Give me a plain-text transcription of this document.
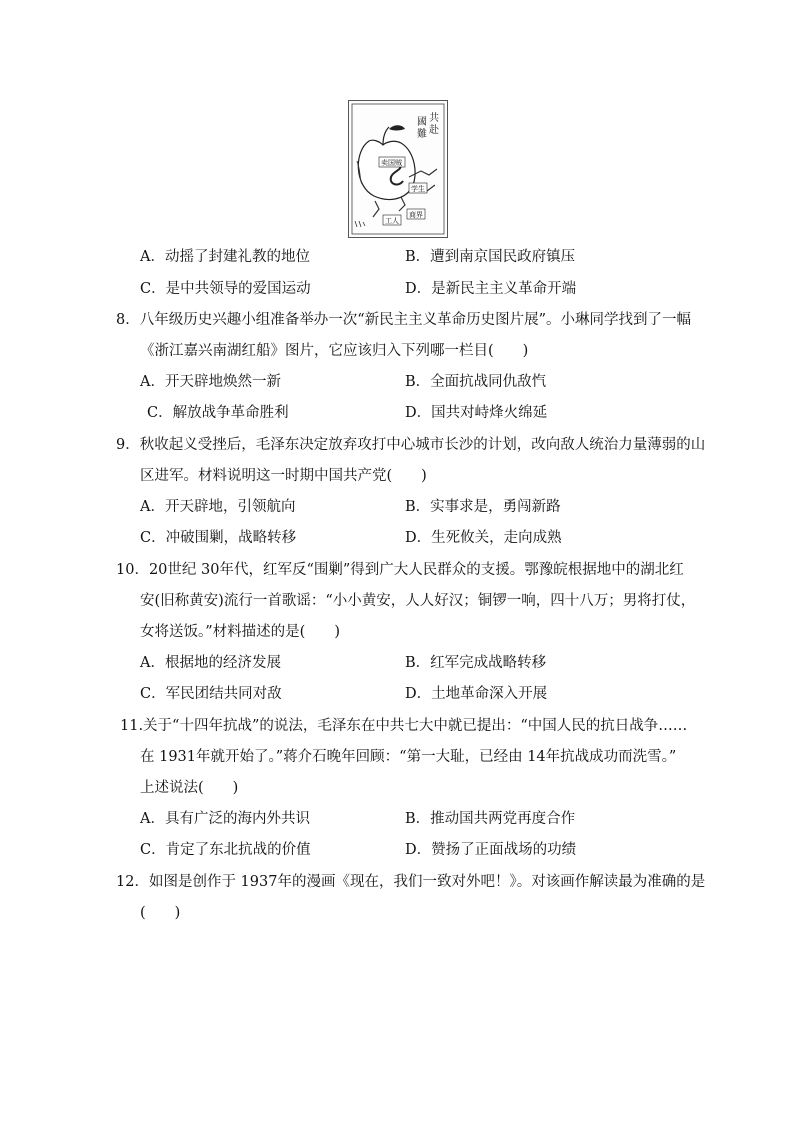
共
赴
國
難
卖国贼
学生
工人
商界
A．动摇了封建礼教的地位	B．遭到南京国民政府镇压
C．是中共领导的爱国运动	D．是新民主主义革命开端
8．八年级历史兴趣小组准备举办一次“新民主主义革命历史图片展”。小琳同学找到了一幅
《浙江嘉兴南湖红船》图片，它应该归入下列哪一栏目(　　)
A．开天辟地焕然一新	B．全面抗战同仇敌忾
C．解放战争革命胜利	D．国共对峙烽火绵延
9．秋收起义受挫后，毛泽东决定放弃攻打中心城市长沙的计划，改向敌人统治力量薄弱的山
区进军。材料说明这一时期中国共产党(　　)
A．开天辟地，引领航向	B．实事求是，勇闯新路
C．冲破围剿，战略转移	D．生死攸关，走向成熟
10．20世纪 30年代，红军反“围剿”得到广大人民群众的支援。鄂豫皖根据地中的湖北红
安(旧称黄安)流行一首歌谣：“小小黄安，人人好汉；铜锣一响，四十八万；男将打仗，
女将送饭。”材料描述的是(　　)
A．根据地的经济发展	B．红军完成战略转移
C．军民团结共同对敌	D．土地革命深入开展
11.关于“十四年抗战”的说法，毛泽东在中共七大中就已提出：“中国人民的抗日战争……
在 1931年就开始了。”蒋介石晚年回顾：“第一大耻，已经由 14年抗战成功而洗雪。”
上述说法(　　)
A．具有广泛的海内外共识	B．推动国共两党再度合作
C．肯定了东北抗战的价值	D．赞扬了正面战场的功绩
12．如图是创作于 1937年的漫画《现在，我们一致对外吧！》。对该画作解读最为准确的是
(　　)
